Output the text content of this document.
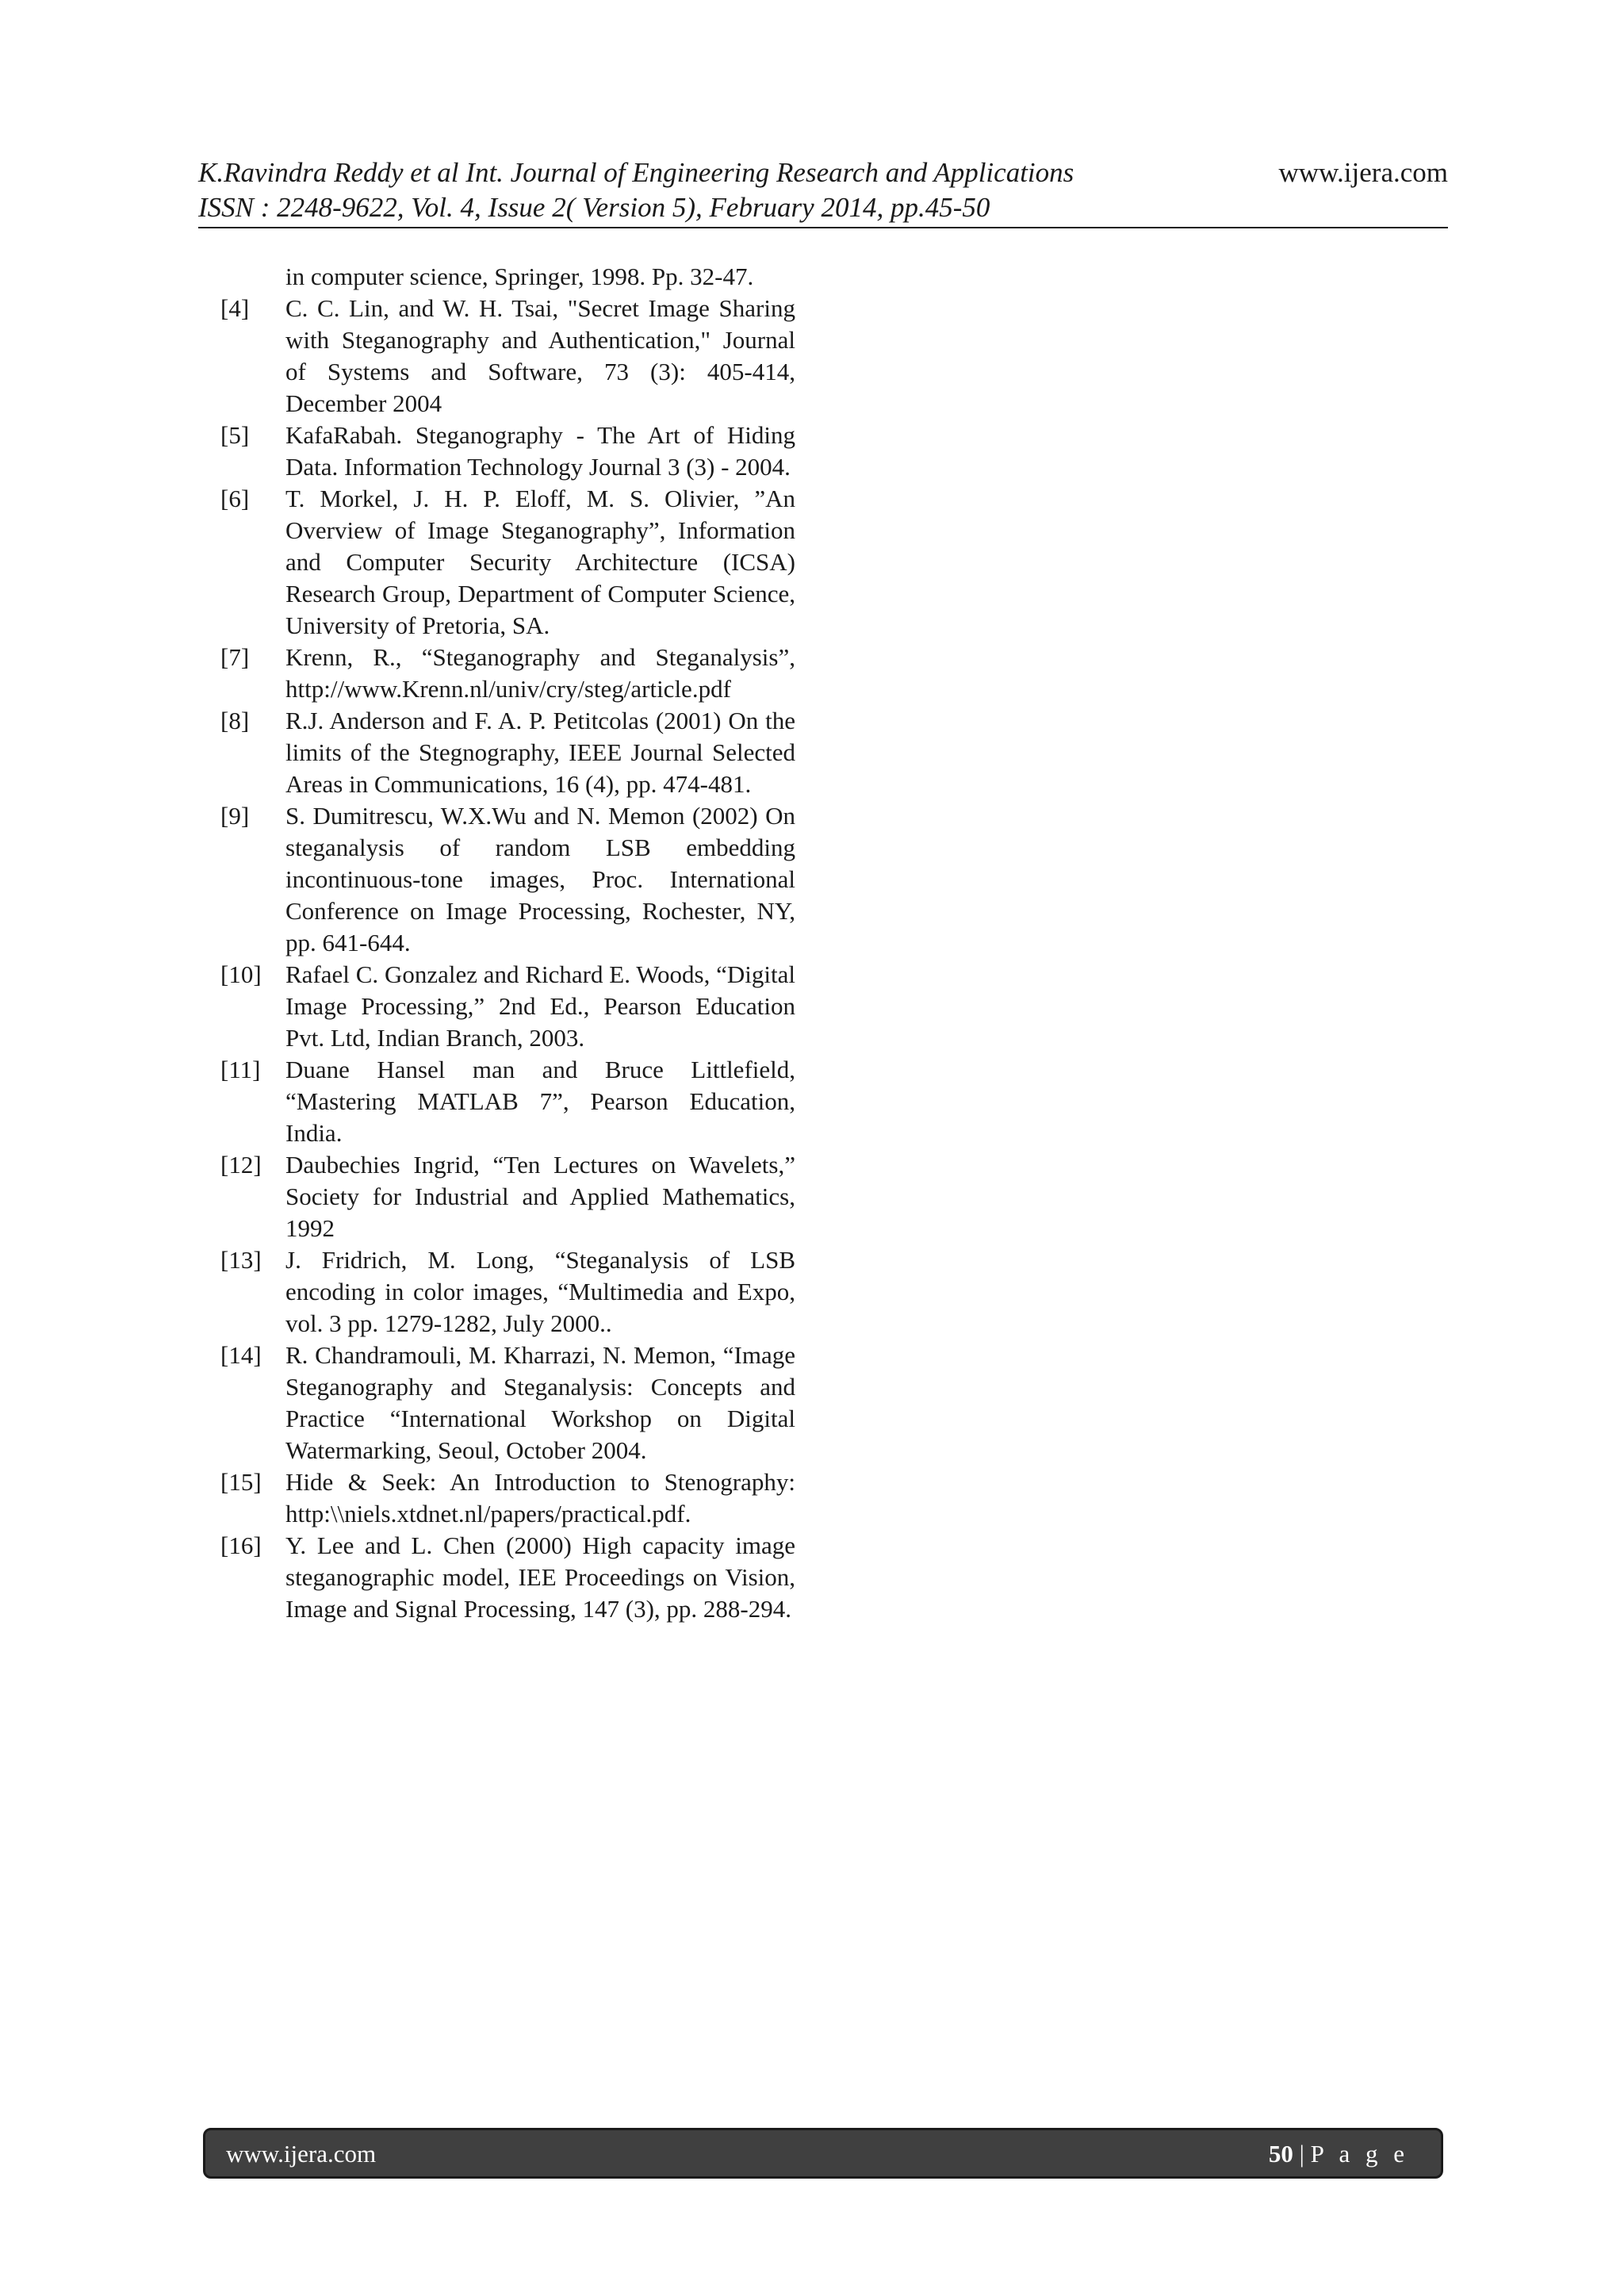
K.Ravindra Reddy et al Int. Journal of Engineering Research and Applications
ISSN : 2248-9622, Vol. 4, Issue 2( Version 5), February 2014, pp.45-50
www.ijera.com
in computer science, Springer, 1998. Pp. 32-47.
[4]	C. C. Lin, and W. H. Tsai, "Secret Image Sharing with Steganography and Authentication," Journal of Systems and Software, 73 (3): 405-414, December 2004
[5]	KafaRabah. Steganography - The Art of Hiding Data. Information Technology Journal 3 (3) - 2004.
[6]	T. Morkel, J. H. P. Eloff, M. S. Olivier, ”An Overview of Image Steganography”, Information and Computer Security Architecture (ICSA) Research Group, Department of Computer Science, University of Pretoria, SA.
[7]	Krenn, R., “Steganography and Steganalysis”, http://www.Krenn.nl/univ/cry/steg/article.pdf
[8]	R.J. Anderson and F. A. P. Petitcolas (2001) On the limits of the Stegnography, IEEE Journal Selected Areas in Communications, 16 (4), pp. 474-481.
[9]	S. Dumitrescu, W.X.Wu and N. Memon (2002) On steganalysis of random LSB embedding incontinuous-tone images, Proc. International Conference on Image Processing, Rochester, NY, pp. 641-644.
[10] Rafael C. Gonzalez and Richard E. Woods, “Digital Image Processing,” 2nd Ed., Pearson Education Pvt. Ltd, Indian Branch, 2003.
[11]	Duane Hansel man and Bruce Littlefield, “Mastering MATLAB 7”, Pearson Education, India.
[12] Daubechies Ingrid, “Ten Lectures on Wavelets,” Society for Industrial and Applied Mathematics, 1992
[13] J. Fridrich, M. Long, “Steganalysis of LSB encoding in color images, “Multimedia and Expo, vol. 3 pp. 1279-1282, July 2000..
[14] R. Chandramouli, M. Kharrazi, N. Memon, “Image Steganography and Steganalysis: Concepts and Practice “International Workshop on Digital Watermarking, Seoul, October 2004.
[15] Hide & Seek: An Introduction to Stenography: http:\\niels.xtdnet.nl/papers/practical.pdf.
[16] Y. Lee and L. Chen (2000) High capacity image steganographic model, IEE Proceedings on Vision, Image and Signal Processing, 147 (3), pp. 288-294.
www.ijera.com	50 | P a g e
